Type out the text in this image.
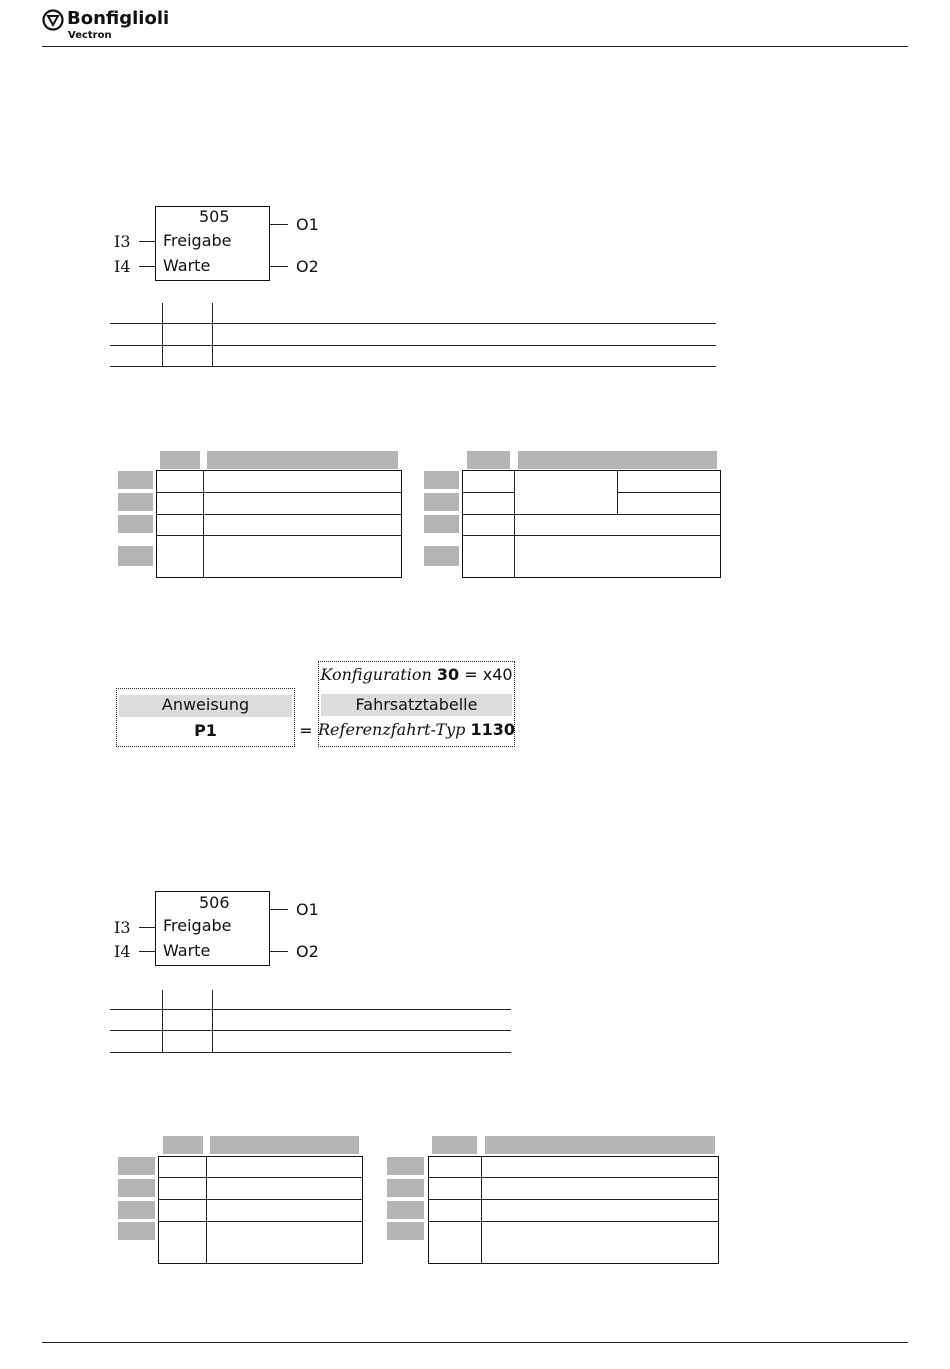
Bonfiglioli
Vectron
505
Freigabe
Warte
I3
I4
O1
O2
Anweisung
P1	=
Konfiguration 30 = x40
Fahrsatztabelle
Referenzfahrt-Typ 1130
506
Freigabe
Warte
I3
I4
O1
O2
